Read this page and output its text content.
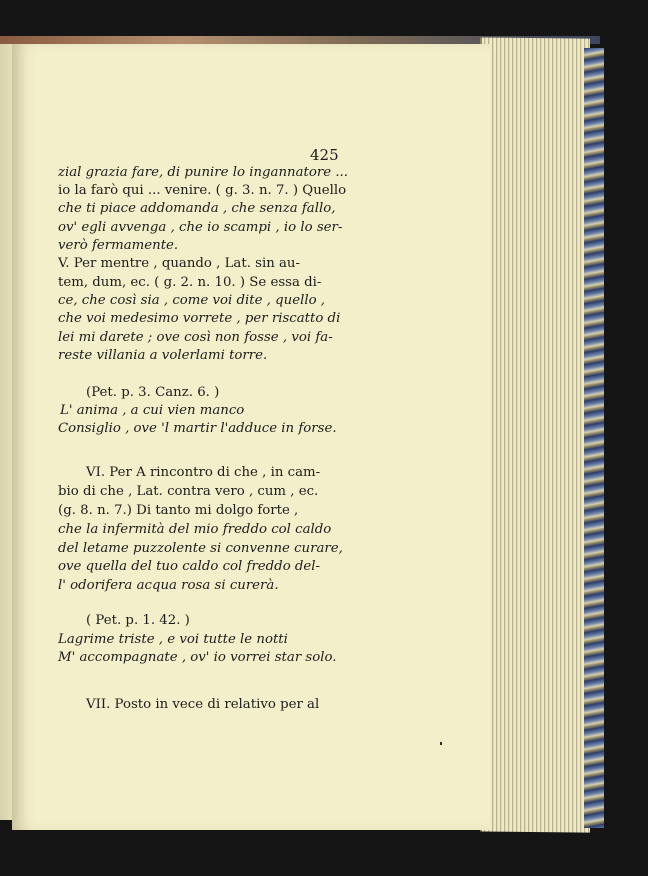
zial grazia fare, di punire lo ingannatore ...
io la farò qui ... venire. ( g. 3. n. 7. ) Quello
che ti piace addomanda , che senza fallo,
ov' egli avvenga , che io scampi , io lo ser-
verò fermamente.
V. Per mentre , quando , Lat. sin au-
tem, dum, ec. ( g. 2. n. 10. ) Se essa di-
ce, che così sia , come voi dite , quello ,
che voi medesimo vorrete , per riscatto di
lei mi darete ; ove così non fosse , voi fa-
reste villania a volerlami torre.
(Pet. p. 3. Canz. 6. )
L' anima , a cui vien manco
Consiglio , ove 'l martir l'adduce in forse.
VI. Per A rincontro di che , in cam-
bio di che , Lat. contra vero , cum , ec.
(g. 8. n. 7.) Di tanto mi dolgo forte ,
che la infermità del mio freddo col caldo
del letame puzzolente si convenne curare,
ove quella del tuo caldo col freddo del-
l' odorifera acqua rosa si curerà.
( Pet. p. 1. 42. )
Lagrime triste , e voi tutte le notti
M' accompagnate , ov' io vorrei star solo.
VII. Posto in vece di relativo per al
425
